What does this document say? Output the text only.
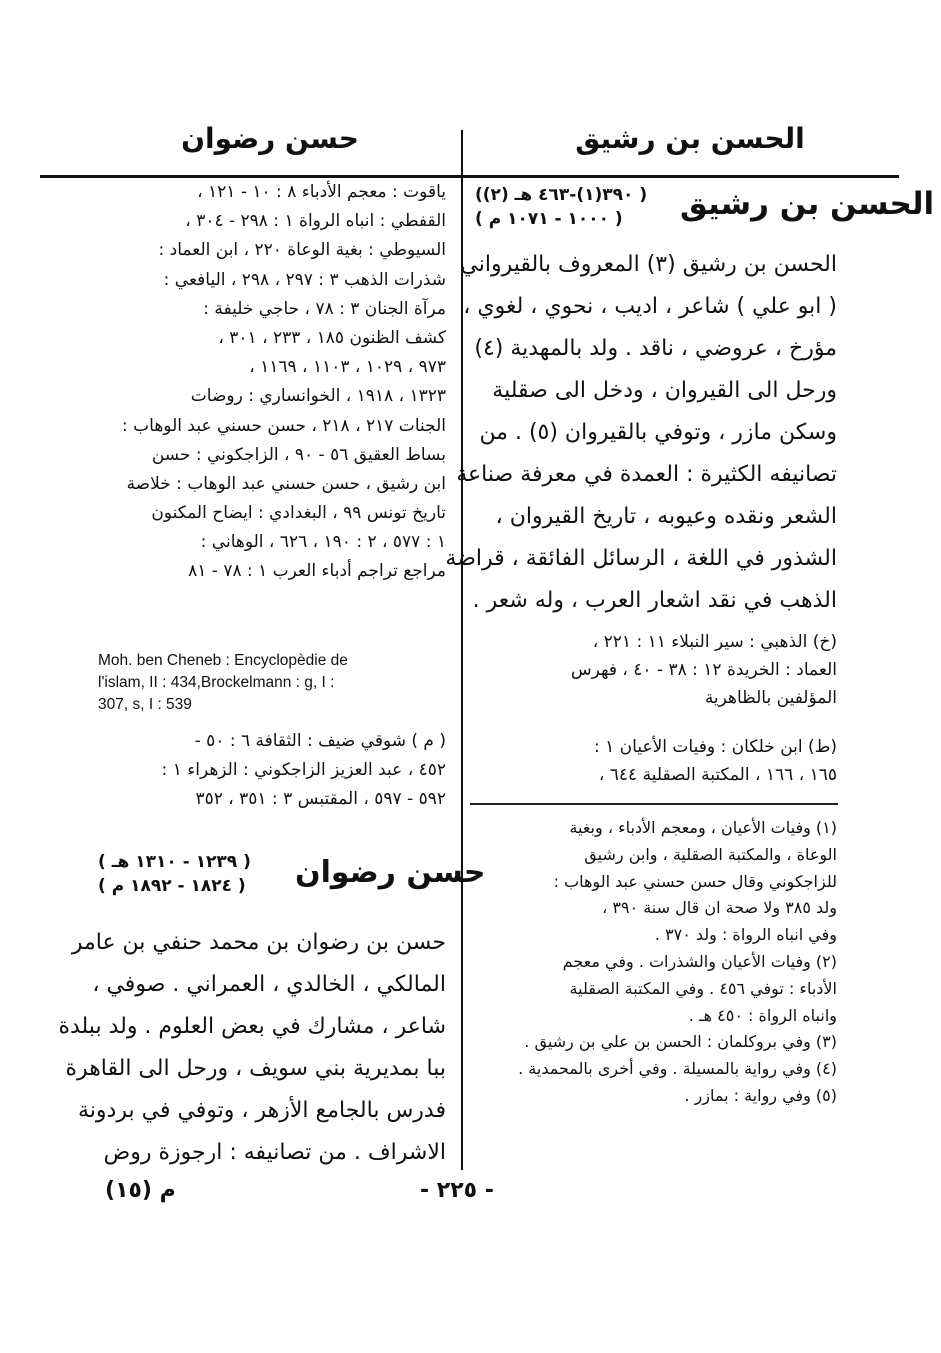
الحسن بن رشيق
حسن رضوان
ياقوت : معجم الأدباء ٨ : ١٠ - ١٢١ ،
القفطي : انباه الرواة ١ : ٢٩٨ - ٣٠٤ ،
السيوطي : بغية الوعاة ٢٢٠ ، ابن العماد :
شذرات الذهب ٣ : ٢٩٧ ، ٢٩٨ ، اليافعي :
مرآة الجنان ٣ : ٧٨ ، حاجي خليفة :
كشف الظنون ١٨٥ ، ٢٣٣ ، ٣٠١ ،
٩٧٣ ، ١٠٢٩ ، ١١٠٣ ، ١١٦٩ ،
١٣٢٣ ، ١٩١٨ ، الخوانساري : روضات
الجنات ٢١٧ ، ٢١٨ ، حسن حسني عبد الوهاب :
بساط العقيق ٥٦ - ٩٠ ، الزاجكوني : حسن
ابن رشيق ، حسن حسني عبد الوهاب : خلاصة
تاريخ تونس ٩٩ ، البغدادي : ايضاح المكنون
١ : ٥٧٧ ، ٢ : ١٩٠ ، ٦٢٦ ، الوهاني :
مراجع تراجم أدباء العرب ١ : ٧٨ - ٨١
Moh. ben Cheneb : Encyclopèdie de
l'islam, II : 434,Brockelmann : g, I :
307, s, I : 539
( م ) شوقي ضيف : الثقافة ٦ : ٥٠ -
٤٥٢ ، عبد العزيز الزاجكوني : الزهراء ١ :
٥٩٢ - ٥٩٧ ، المقتبس ٣ : ٣٥١ ، ٣٥٢
حسن رضوان
( ١٢٣٩ - ١٣١٠ هـ )
( ١٨٢٤ - ١٨٩٢ م )
حسن بن رضوان بن محمد حنفي بن عامر
المالكي ، الخالدي ، العمراني . صوفي ،
شاعر ، مشارك في بعض العلوم . ولد ببلدة
ببا بمديرية بني سويف ، ورحل الى القاهرة
فدرس بالجامع الأزهر ، وتوفي في بردونة
الاشراف . من تصانيفه : ارجوزة روض
الحسن بن رشيق
( ٣٩٠(١)-٤٦٣ هـ (٢))
( ١٠٠٠ - ١٠٧١ م )
الحسن بن رشيق (٣) المعروف بالقيرواني
( ابو علي ) شاعر ، اديب ، نحوي ، لغوي ،
مؤرخ ، عروضي ، ناقد . ولد بالمهدية (٤)
ورحل الى القيروان ، ودخل الى صقلية
وسكن مازر ، وتوفي بالقيروان (٥) . من
تصانيفه الكثيرة : العمدة في معرفة صناعة
الشعر ونقده وعيوبه ، تاريخ القيروان ،
الشذور في اللغة ، الرسائل الفائقة ، قراضة
الذهب في نقد اشعار العرب ، وله شعر .
(خ) الذهبي : سير النبلاء ١١ : ٢٢١ ،
العماد : الخريدة ١٢ : ٣٨ - ٤٠ ، فهرس
المؤلفين بالظاهرية
(ط) ابن خلكان : وفيات الأعيان ١ :
١٦٥ ، ١٦٦ ، المكتبة الصقلية ٦٤٤ ،
(١) وفيات الأعيان ، ومعجم الأدباء ، وبغية
الوعاة ، والمكتبة الصقلية ، وابن رشيق
للزاجكوني وقال حسن حسني عبد الوهاب :
ولد ٣٨٥ ولا صحة ان قال سنة ٣٩٠ ،
وفي انباه الرواة : ولد ٣٧٠ .
(٢) وفيات الأعيان والشذرات . وفي معجم
الأدباء : توفي ٤٥٦ . وفي المكتبة الصقلية
وانباه الرواة : ٤٥٠ هـ .
(٣) وفي بروكلمان : الحسن بن علي بن رشيق .
(٤) وفي رواية بالمسيلة . وفي أخرى بالمحمدية .
(٥) وفي رواية : بمازر .
- ٢٢٥ -
م (١٥)
